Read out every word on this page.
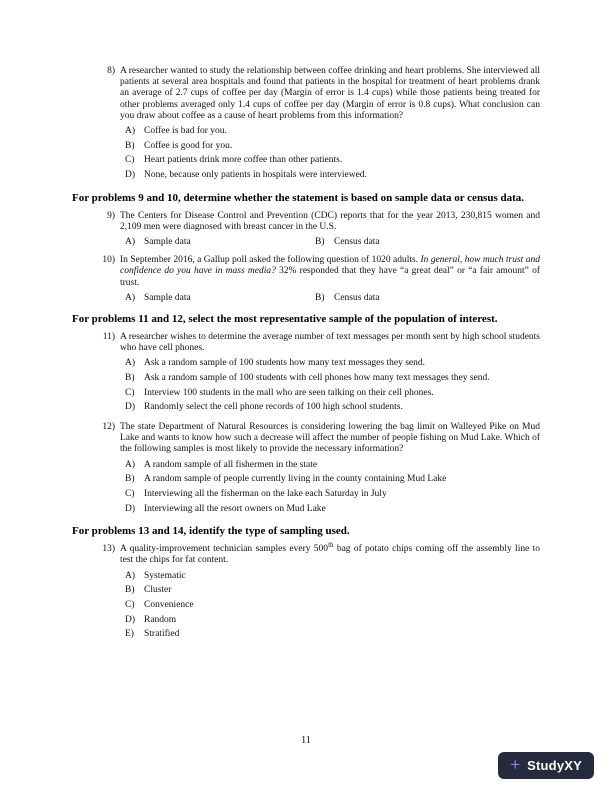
8) A researcher wanted to study the relationship between coffee drinking and heart problems. She interviewed all patients at several area hospitals and found that patients in the hospital for treatment of heart problems drank an average of 2.7 cups of coffee per day (Margin of error is 1.4 cups) while those patients being treated for other problems averaged only 1.4 cups of coffee per day (Margin of error is 0.8 cups). What conclusion can you draw about coffee as a cause of heart problems from this information?

A) Coffee is bad for you.
B)	Coffee is good for you.
C)	Heart patients drink more coffee than other patients.
D) None, because only patients in hospitals were interviewed.
For problems 9 and 10, determine whether the statement is based on sample data or census data.
9) The Centers for Disease Control and Prevention (CDC) reports that for the year 2013, 230,815 women and 2,109 men were diagnosed with breast cancer in the U.S.

A) Sample data	B)	Census data
10) In September 2016, a Gallup poll asked the following question of 1020 adults. In general, how much trust and confidence do you have in mass media? 32% responded that they have “a great deal” or “a fair amount” of trust.

A) Sample data	B)	Census data
For problems 11 and 12, select the most representative sample of the population of interest.
11) A researcher wishes to determine the average number of text messages per month sent by high school students who have cell phones.

A) Ask a random sample of 100 students how many text messages they send.
B)	Ask a random sample of 100 students with cell phones how many text messages they send.
C)	Interview 100 students in the mall who are seen talking on their cell phones.
D) Randomly select the cell phone records of 100 high school students.
12) The state Department of Natural Resources is considering lowering the bag limit on Walleyed Pike on Mud Lake and wants to know how such a decrease will affect the number of people fishing on Mud Lake. Which of the following samples is most likely to provide the necessary information?

A) A random sample of all fishermen in the state
B)	A random sample of people currently living in the county containing Mud Lake
C)	Interviewing all the fisherman on the lake each Saturday in July
D) Interviewing all the resort owners on Mud Lake
For problems 13 and 14, identify the type of sampling used.
13) A quality-improvement technician samples every 500th bag of potato chips coming off the assembly line to test the chips for fat content.

A) Systematic
B)	Cluster
C)	Convenience
D) Random
E)	Stratified
11
+ StudyXY
